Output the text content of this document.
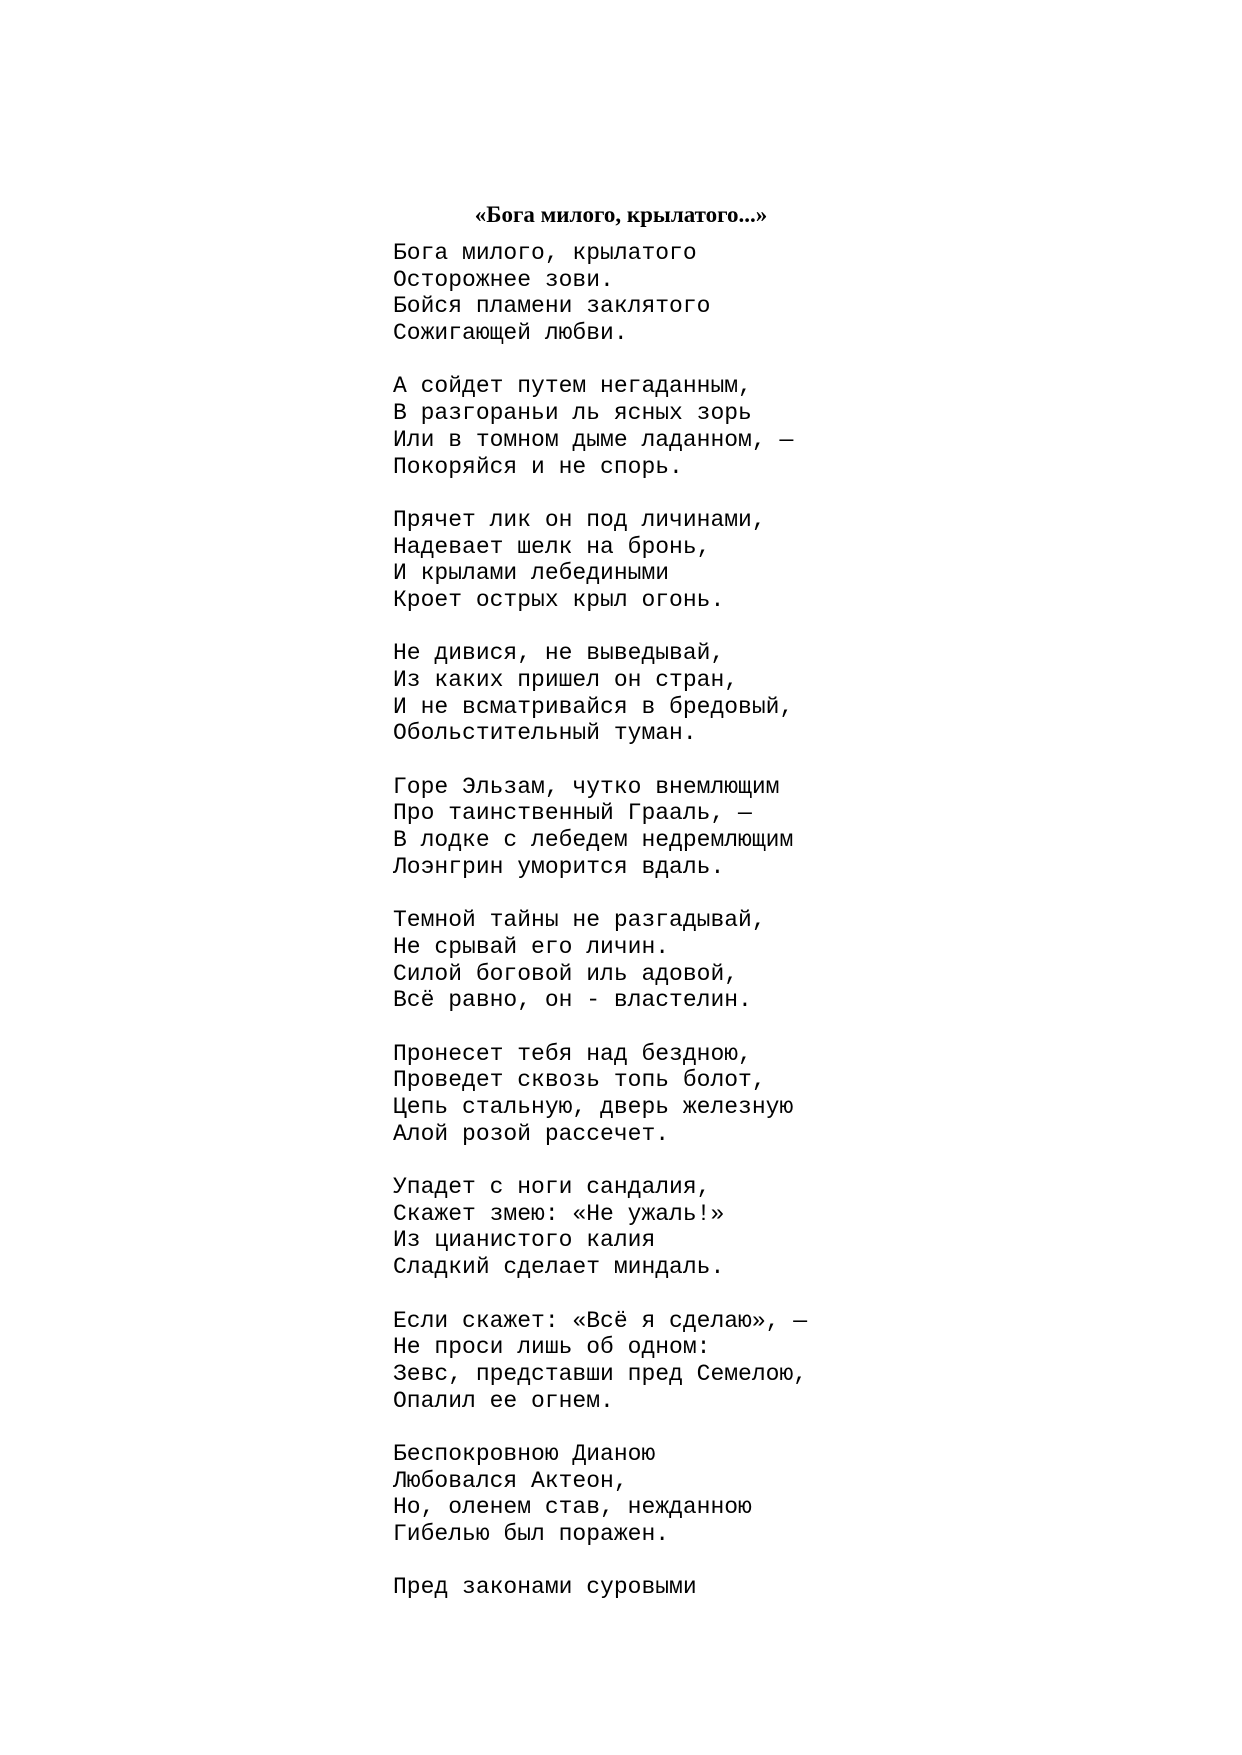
«Бога милого, крылатого...»
Бога милого, крылатого
Осторожнее зови.
Бойся пламени заклятого
Сожигающей любви.
А сойдет путем негаданным,
В разгораньи ль ясных зорь
Или в томном дыме ладанном, —
Покоряйся и не спорь.
Прячет лик он под личинами,
Надевает шелк на бронь,
И крылами лебедиными
Кроет острых крыл огонь.
Не дивися, не выведывай,
Из каких пришел он стран,
И не всматривайся в бредовый,
Обольстительный туман.
Горе Эльзам, чутко внемлющим
Про таинственный Грааль, —
В лодке с лебедем недремлющим
Лоэнгрин уморится вдаль.
Темной тайны не разгадывай,
Не срывай его личин.
Силой боговой иль адовой,
Всё равно, он - властелин.
Пронесет тебя над бездною,
Проведет сквозь топь болот,
Цепь стальную, дверь железную
Алой розой рассечет.
Упадет с ноги сандалия,
Скажет змею: «Не ужаль!»
Из цианистого калия
Сладкий сделает миндаль.
Если скажет: «Всё я сделаю», —
Не проси лишь об одном:
Зевс, представши пред Семелою,
Опалил ее огнем.
Беспокровною Дианою
Любовался Актеон,
Но, оленем став, нежданною
Гибелью был поражен.
Пред законами суровыми
